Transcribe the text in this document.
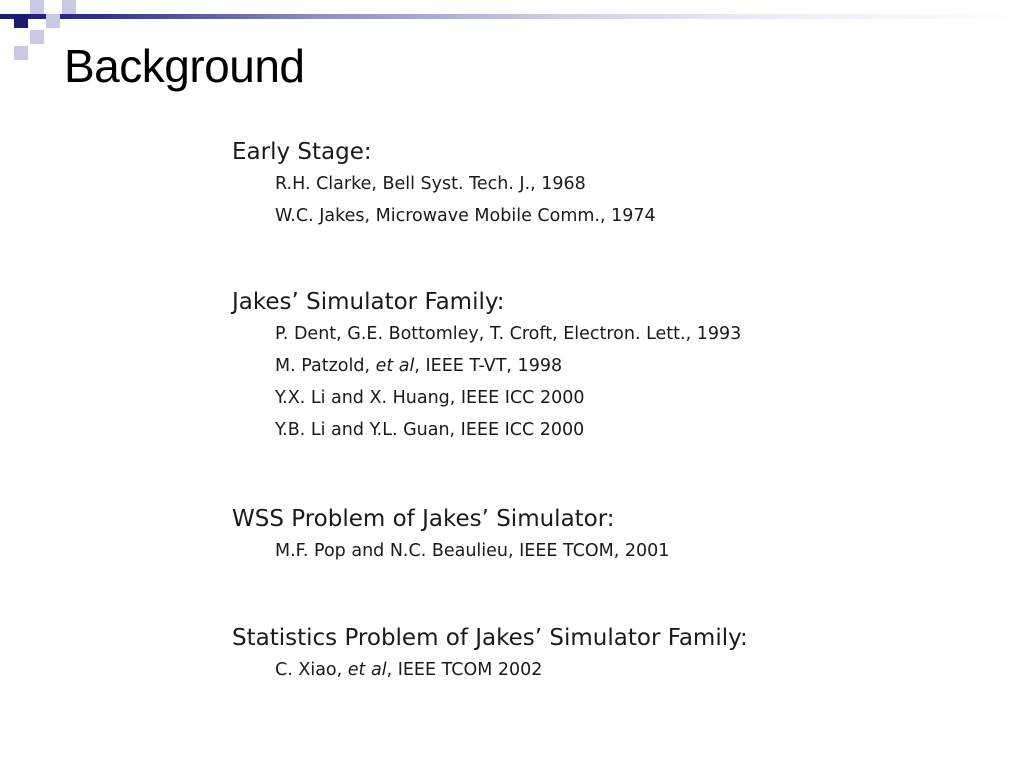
Background
Early Stage:
R.H. Clarke, Bell Syst. Tech. J., 1968
W.C. Jakes, Microwave Mobile Comm., 1974
Jakes’ Simulator Family:
P. Dent, G.E. Bottomley, T. Croft, Electron. Lett., 1993
M. Patzold, et al, IEEE T-VT, 1998
Y.X. Li and X. Huang, IEEE ICC 2000
Y.B. Li and Y.L. Guan, IEEE ICC 2000
WSS Problem of Jakes’ Simulator:
M.F. Pop and N.C. Beaulieu, IEEE TCOM, 2001
Statistics Problem of Jakes’ Simulator Family:
C. Xiao, et al, IEEE TCOM 2002
